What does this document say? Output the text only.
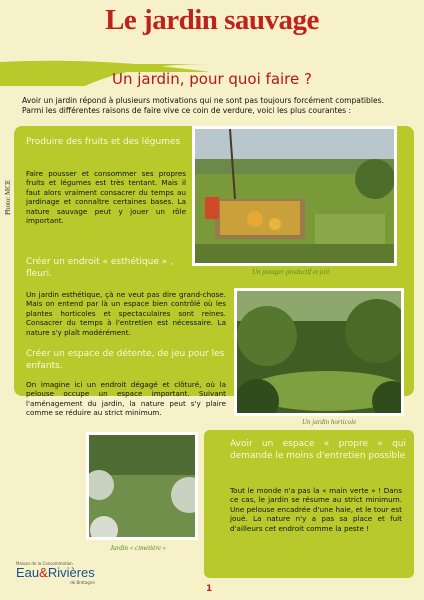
Le jardin sauvage
Un jardin, pour quoi faire ?
Avoir un jardin répond à plusieurs motivations qui ne sont pas toujours forcément compatibles. Parmi les différentes raisons de faire vive ce coin de verdure, voici les plus courantes :
Photo: MCE
Produire des fruits et des légumes
Faire pousser et consommer ses propres fruits et légumes est très tentant. Mais il faut alors vraiment consacrer du temps au jardinage et connaître certaines bases. La nature sauvage peut y jouer un rôle important.
Un potager productif et joli
Créer un endroit « esthétique » , fleuri.
Un jardin esthétique, çà ne veut pas dire grand-chose. Mais on entend par là un espace bien contrôlé où les plantes horticoles et spectaculaires sont reines. Consacrer du temps à l'entretien est nécessaire. La nature s'y plaît modérément.
Un jardin horticole
Créer un espace de détente, de jeu pour les enfants.
On imagine ici un endroit dégagé et clôturé, où la pelouse occupe un espace important. Suivant l'aménagement du jardin, la nature peut s'y plaire comme se réduire au strict minimum.
Jardin « cimetière »
Avoir un espace « propre » qui demande le moins d'entretien possible
Tout le monde n'a pas la « main verte » ! Dans ce cas, le jardin se résume au strict minimum. Une pelouse encadrée d'une haie, et le tour est joué. La nature n'y a pas sa place et fuit d'ailleurs cet endroit comme la peste !
Maison de la Consommation
Eau&Rivières
de Bretagne
1
